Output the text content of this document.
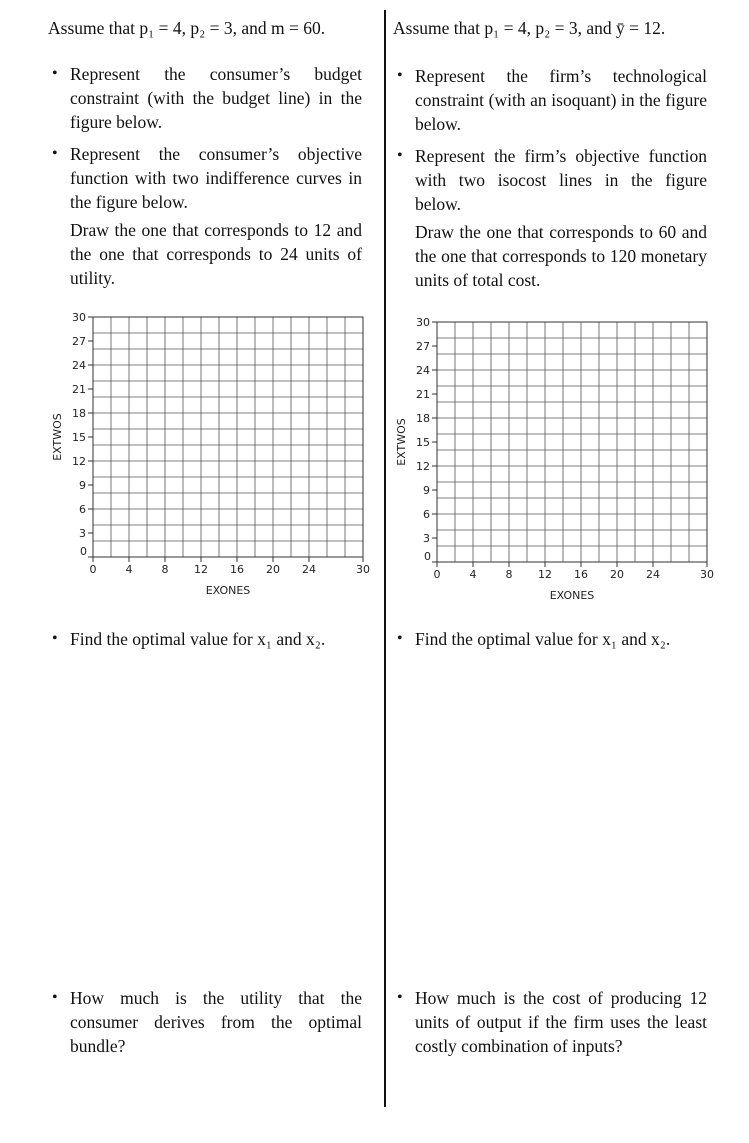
Assume that p₁ = 4, p₂ = 3, and m = 60.
• Represent the consumer’s budget constraint (with the budget line) in the figure below.

• Represent the consumer’s objective function with two indifference curves in the figure below.

Draw the one that corresponds to 12 and the one that corresponds to 24 units of utility.

• Find the optimal value for x₁ and x₂.

• How much is the utility that the consumer derives from the optimal bundle?

Assume that p₁ = 4, p₂ = 3, and ȳ = 12.
• Represent the firm’s technological constraint (with an isoquant) in the figure below.

• Represent the firm’s objective function with two isocost lines in the figure below.

Draw the one that corresponds to 60 and the one that corresponds to 120 monetary units of total cost.

• Find the optimal value for x₁ and x₂.

• How much is the cost of producing 12 units of output if the firm uses the least costly combination of inputs?

0
3
6
9
12
15
18
21
24
27
30
0	4	8 12 16 20 24	30
EXONES
EXTWOS
0
3
6
9
12
15
18
21
24
27
30
0	4	8 12 16 20 24	30
EXONES
EXTWOS
